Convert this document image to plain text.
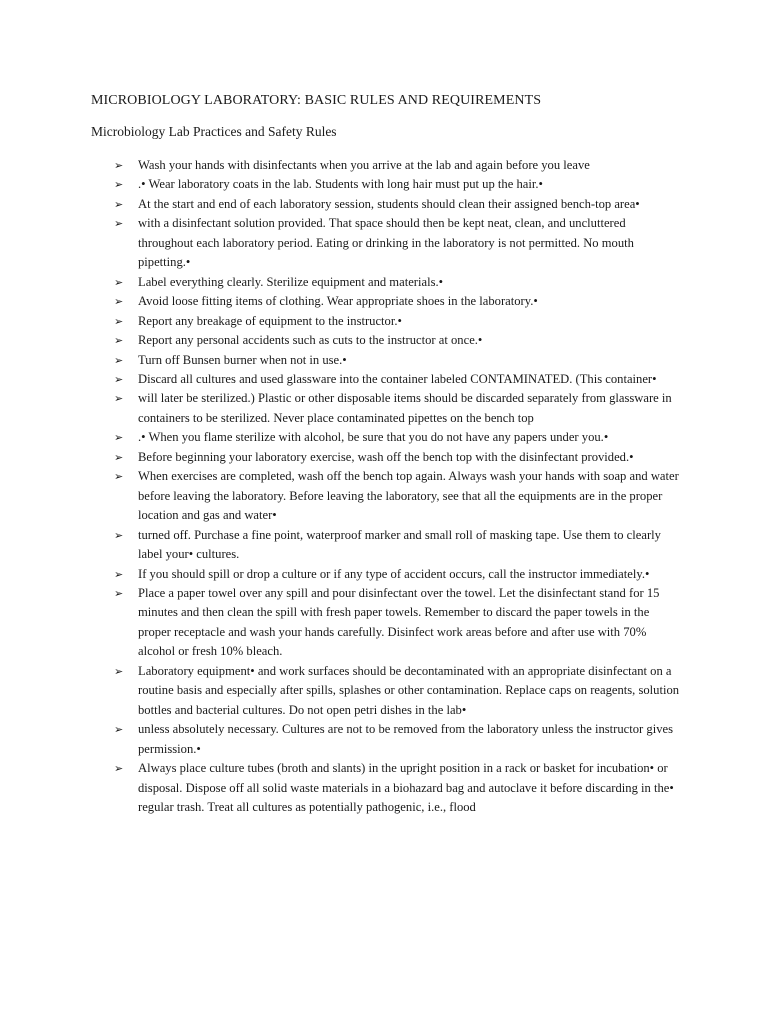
MICROBIOLOGY LABORATORY: BASIC RULES AND REQUIREMENTS
Microbiology Lab Practices and Safety Rules
➢ Wash your hands with disinfectants when you arrive at the lab and again before you leave
➢ .• Wear laboratory coats in the lab. Students with long hair must put up the hair.•
➢ At the start and end of each laboratory session, students should clean their assigned bench-top area•
➢ with a disinfectant solution provided. That space should then be kept neat, clean, and uncluttered throughout each laboratory period. Eating or drinking in the laboratory is not permitted. No mouth pipetting.•
➢ Label everything clearly. Sterilize equipment and materials.•
➢ Avoid loose fitting items of clothing. Wear appropriate shoes in the laboratory.•
➢ Report any breakage of equipment to the instructor.•
➢ Report any personal accidents such as cuts to the instructor at once.•
➢ Turn off Bunsen burner when not in use.•
➢ Discard all cultures and used glassware into the container labeled CONTAMINATED. (This container•
➢ will later be sterilized.) Plastic or other disposable items should be discarded separately from glassware in containers to be sterilized. Never place contaminated pipettes on the bench top
➢ .• When you flame sterilize with alcohol, be sure that you do not have any papers under you.•
➢ Before beginning your laboratory exercise, wash off the bench top with the disinfectant provided.•
➢ When exercises are completed, wash off the bench top again. Always wash your hands with soap and water before leaving the laboratory. Before leaving the laboratory, see that all the equipments are in the proper location and gas and water•
➢ turned off. Purchase a fine point, waterproof marker and small roll of masking tape. Use them to clearly label your• cultures.
➢ If you should spill or drop a culture or if any type of accident occurs, call the instructor immediately.•
➢ Place a paper towel over any spill and pour disinfectant over the towel. Let the disinfectant stand for 15 minutes and then clean the spill with fresh paper towels. Remember to discard the paper towels in the proper receptacle and wash your hands carefully. Disinfect work areas before and after use with 70% alcohol or fresh 10% bleach.
➢ Laboratory equipment• and work surfaces should be decontaminated with an appropriate disinfectant on a routine basis and especially after spills, splashes or other contamination. Replace caps on reagents, solution bottles and bacterial cultures. Do not open petri dishes in the lab•
➢ unless absolutely necessary. Cultures are not to be removed from the laboratory unless the instructor gives permission.•
➢ Always place culture tubes (broth and slants) in the upright position in a rack or basket for incubation• or disposal. Dispose off all solid waste materials in a biohazard bag and autoclave it before discarding in the• regular trash. Treat all cultures as potentially pathogenic, i.e., flood
